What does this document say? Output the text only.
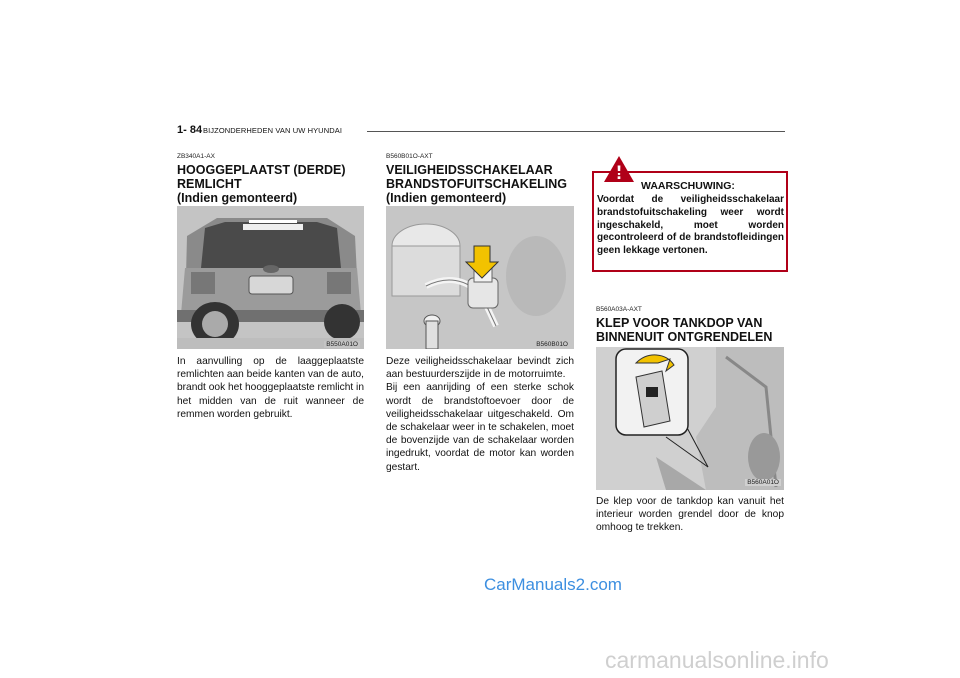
1- 84 BIJZONDERHEDEN VAN UW HYUNDAI
ZB340A1-AX
HOOGGEPLAATST (DERDE)
REMLICHT
(Indien gemonteerd)
B550A01O
In aanvulling op de laaggeplaatste remlichten aan beide kanten van de auto, brandt ook het hooggeplaatste remlicht in het midden van de ruit wanneer de remmen worden gebruikt.
B560B01O-AXT
VEILIGHEIDSSCHAKELAAR
BRANDSTOFUITSCHAKELING
(Indien gemonteerd)
B560B01O
Deze veiligheidsschakelaar bevindt zich aan bestuurderszijde in de motorruimte.
Bij een aanrijding of een sterke schok wordt de brandstoftoevoer door de veiligheidsschakelaar uitgeschakeld. Om de schakelaar weer in te schakelen, moet de bovenzijde van de schakelaar worden ingedrukt, voordat de motor kan worden gestart.
!
WAARSCHUWING:
Voordat de veiligheidsschakelaar brandstofuitschakeling weer wordt ingeschakeld, moet worden gecontroleerd of de brandstofleidingen geen lekkage vertonen.
B560A03A-AXT
KLEP VOOR TANKDOP VAN
BINNENUIT ONTGRENDELEN
B560A01O
De klep voor de tankdop kan vanuit het interieur worden grendel door de knop omhoog te trekken.
CarManuals2.com
carmanualsonline.info
